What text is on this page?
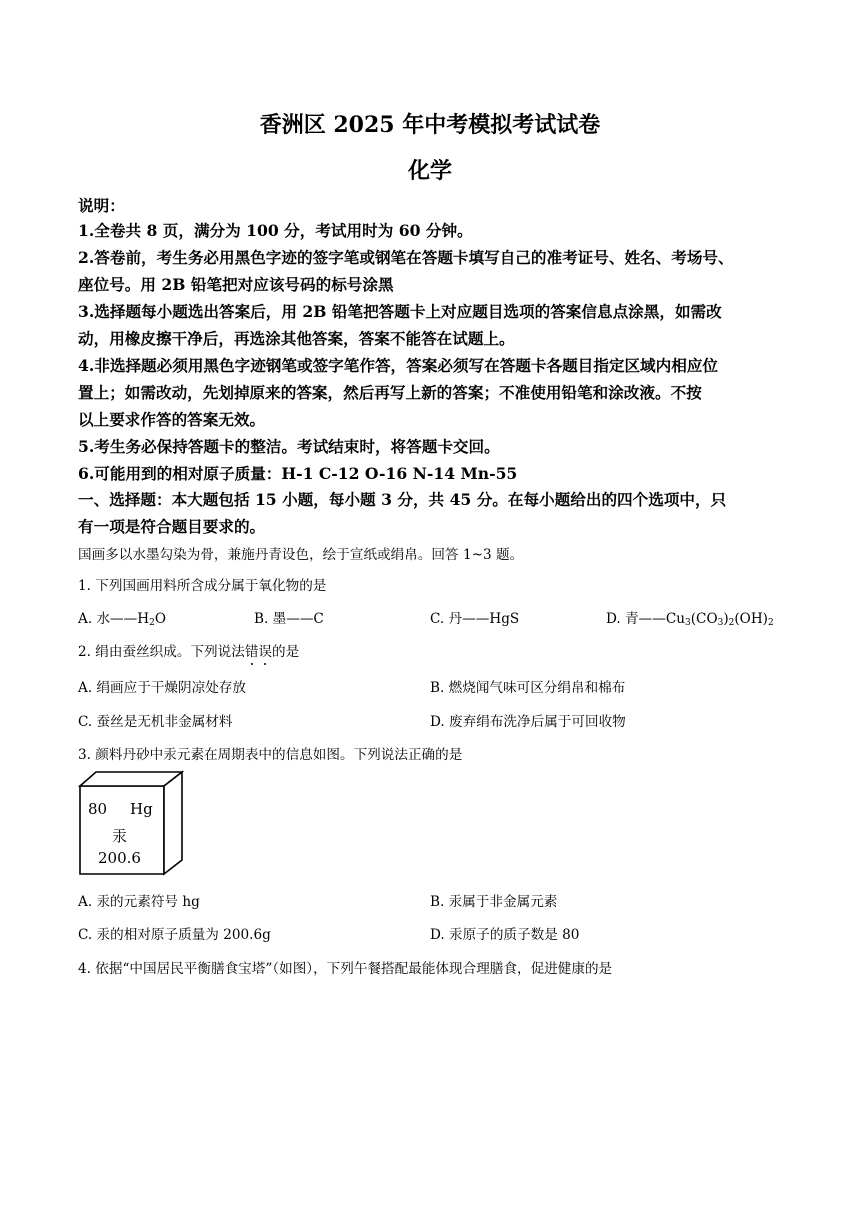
香洲区 2025 年中考模拟考试试卷
化学
说明：
1.全卷共 8 页，满分为 100 分，考试用时为 60 分钟。
2.答卷前，考生务必用黑色字迹的签字笔或钢笔在答题卡填写自己的准考证号、姓名、考场号、
座位号。用 2B 铅笔把对应该号码的标号涂黑
3.选择题每小题选出答案后，用 2B 铅笔把答题卡上对应题目选项的答案信息点涂黑，如需改
动，用橡皮擦干净后，再选涂其他答案，答案不能答在试题上。
4.非选择题必须用黑色字迹钢笔或签字笔作答，答案必须写在答题卡各题目指定区域内相应位
置上；如需改动，先划掉原来的答案，然后再写上新的答案；不准使用铅笔和涂改液。不按
以上要求作答的答案无效。
5.考生务必保持答题卡的整洁。考试结束时，将答题卡交回。
6.可能用到的相对原子质量：H-1 C-12 O-16 N-14 Mn-55
一、选择题：本大题包括 15 小题，每小题 3 分，共 45 分。在每小题给出的四个选项中，只
有一项是符合题目要求的。
国画多以水墨勾染为骨，兼施丹青设色，绘于宣纸或绢帛。回答 1~3 题。
1. 下列国画用料所含成分属于氧化物的是
A. 水$——H_2O$	B. 墨——C	C. 丹——HgS	D. 青$——Cu_3(CO_3)_2(OH)_2$
2. 绢由蚕丝织成。下列说法错误的是
A. 绢画应于干燥阴凉处存放	B. 燃烧闻气味可区分绢帛和棉布
C. 蚕丝是无机非金属材料	D. 废弃绢布洗净后属于可回收物
3. 颜料丹砂中汞元素在周期表中的信息如图。下列说法正确的是
80 Hg
汞
200.6
A. 汞的元素符号 hg	B. 汞属于非金属元素
C. 汞的相对原子质量为 200.6g	D. 汞原子的质子数是 80
4. 依据“中国居民平衡膳食宝塔”（如图），下列午餐搭配最能体现合理膳食，促进健康的是
